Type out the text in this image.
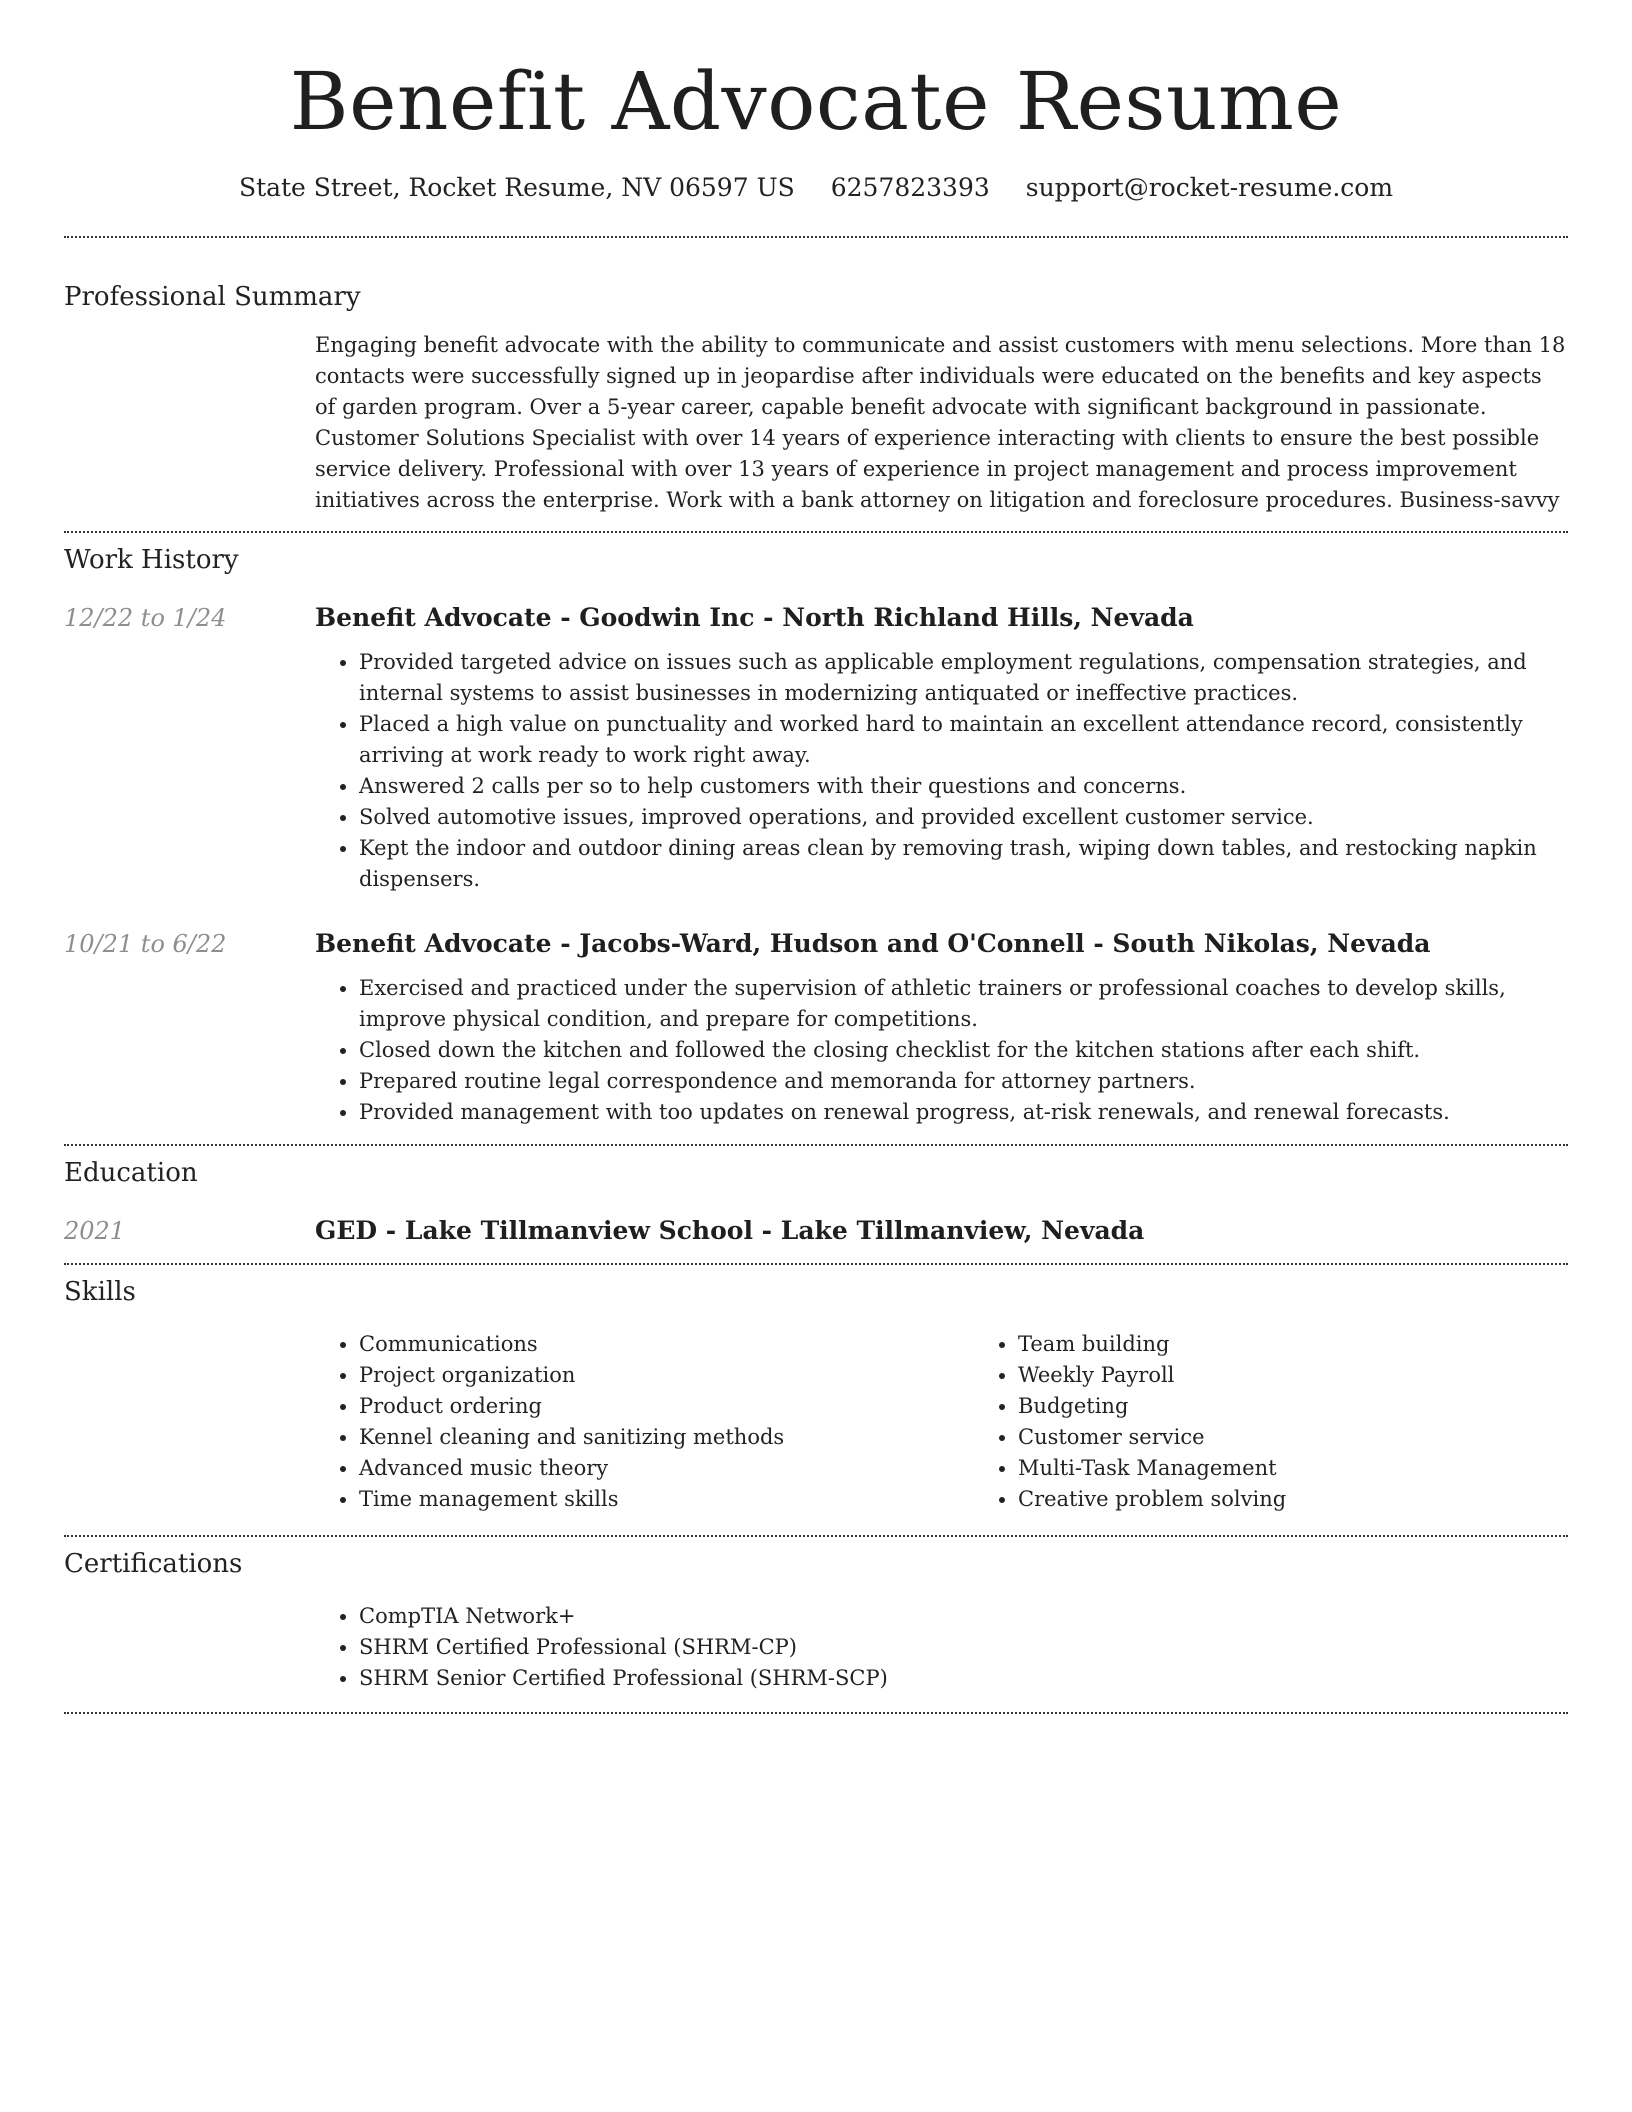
Benefit Advocate Resume
State Street, Rocket Resume, NV 06597 US 6257823393 support@rocket-resume.com
Professional Summary

Engaging benefit advocate with the ability to communicate and assist customers with menu selections. More than 18 contacts were successfully signed up in jeopardise after individuals were educated on the benefits and key aspects of garden program. Over a 5-year career, capable benefit advocate with significant background in passionate. Customer Solutions Specialist with over 14 years of experience interacting with clients to ensure the best possible service delivery. Professional with over 13 years of experience in project management and process improvement initiatives across the enterprise. Work with a bank attorney on litigation and foreclosure procedures. Business-savvy

Work History
12/22 to 1/24	Benefit Advocate - Goodwin Inc - North Richland Hills, Nevada
• Provided targeted advice on issues such as applicable employment regulations, compensation strategies, and internal systems to assist businesses in modernizing antiquated or ineffective practices.
• Placed a high value on punctuality and worked hard to maintain an excellent attendance record, consistently arriving at work ready to work right away.
• Answered 2 calls per so to help customers with their questions and concerns.
• Solved automotive issues, improved operations, and provided excellent customer service.
• Kept the indoor and outdoor dining areas clean by removing trash, wiping down tables, and restocking napkin dispensers.
10/21 to 6/22	Benefit Advocate - Jacobs-Ward, Hudson and O'Connell - South Nikolas, Nevada
• Exercised and practiced under the supervision of athletic trainers or professional coaches to develop skills, improve physical condition, and prepare for competitions.
• Closed down the kitchen and followed the closing checklist for the kitchen stations after each shift.
• Prepared routine legal correspondence and memoranda for attorney partners.
• Provided management with too updates on renewal progress, at-risk renewals, and renewal forecasts.
Education
2021	GED - Lake Tillmanview School - Lake Tillmanview, Nevada
Skills
• Communications
• Project organization
• Product ordering
• Kennel cleaning and sanitizing methods
• Advanced music theory
• Time management skills
• Team building
• Weekly Payroll
• Budgeting
• Customer service
• Multi-Task Management
• Creative problem solving
Certifications
• CompTIA Network+
• SHRM Certified Professional (SHRM-CP)
• SHRM Senior Certified Professional (SHRM-SCP)
